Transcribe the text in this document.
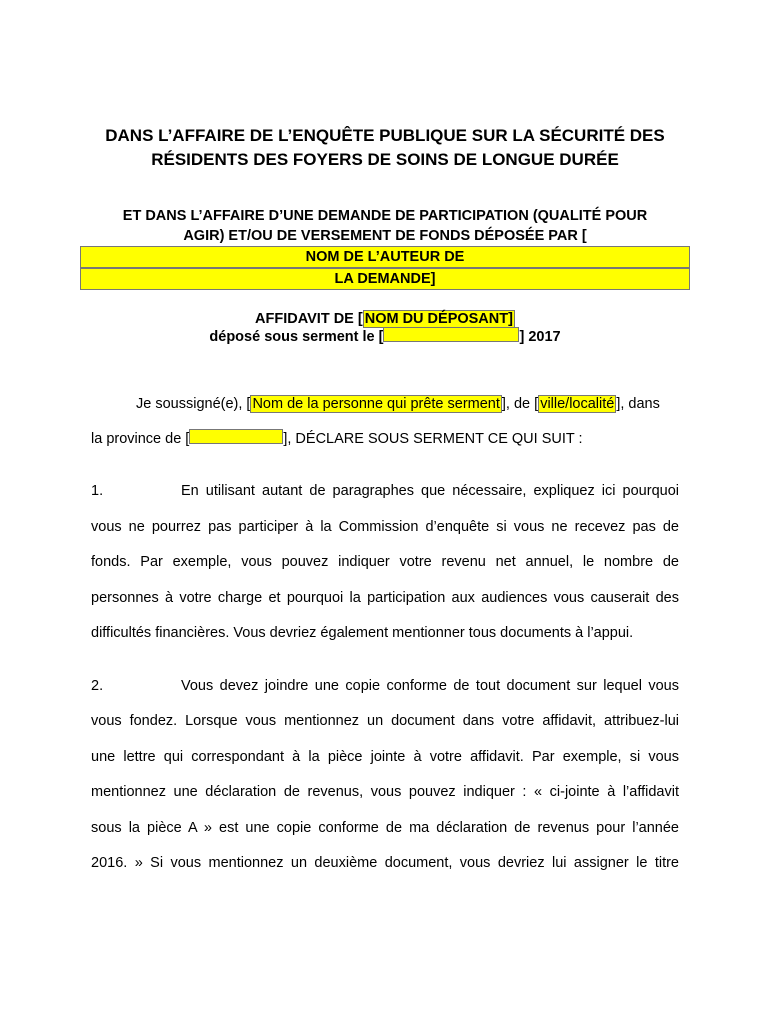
DANS L’AFFAIRE DE L’ENQUÊTE PUBLIQUE SUR LA SÉCURITÉ DES
RÉSIDENTS DES FOYERS DE SOINS DE LONGUE DURÉE
ET DANS L’AFFAIRE D’UNE DEMANDE DE PARTICIPATION (QUALITÉ POUR
AGIR) ET/OU DE VERSEMENT DE FONDS DÉPOSÉE PAR [
NOM DE L’AUTEUR DE
LA DEMANDE]
AFFIDAVIT DE [ NOM DU DÉPOSANT]
déposé sous serment le [	] 2017
Je soussigné(e), [ Nom de la personne qui prête serment ], de [ ville/localité ], dans
la province de [	], DÉCLARE SOUS SERMENT CE QUI SUIT :
1.	En utilisant autant de paragraphes que nécessaire, expliquez ici pourquoi
vous ne pourrez pas participer à la Commission d’enquête si vous ne recevez pas de
fonds. Par exemple, vous pouvez indiquer votre revenu net annuel, le nombre de
personnes à votre charge et pourquoi la participation aux audiences vous causerait des
difficultés financières. Vous devriez également mentionner tous documents à l’appui.
2.	Vous devez joindre une copie conforme de tout document sur lequel vous
vous fondez. Lorsque vous mentionnez un document dans votre affidavit, attribuez-lui
une lettre qui correspondant à la pièce jointe à votre affidavit. Par exemple, si vous
mentionnez une déclaration de revenus, vous pouvez indiquer : « ci-jointe à l’affidavit
sous la pièce A » est une copie conforme de ma déclaration de revenus pour l’année
2016. » Si vous mentionnez un deuxième document, vous devriez lui assigner le titre
